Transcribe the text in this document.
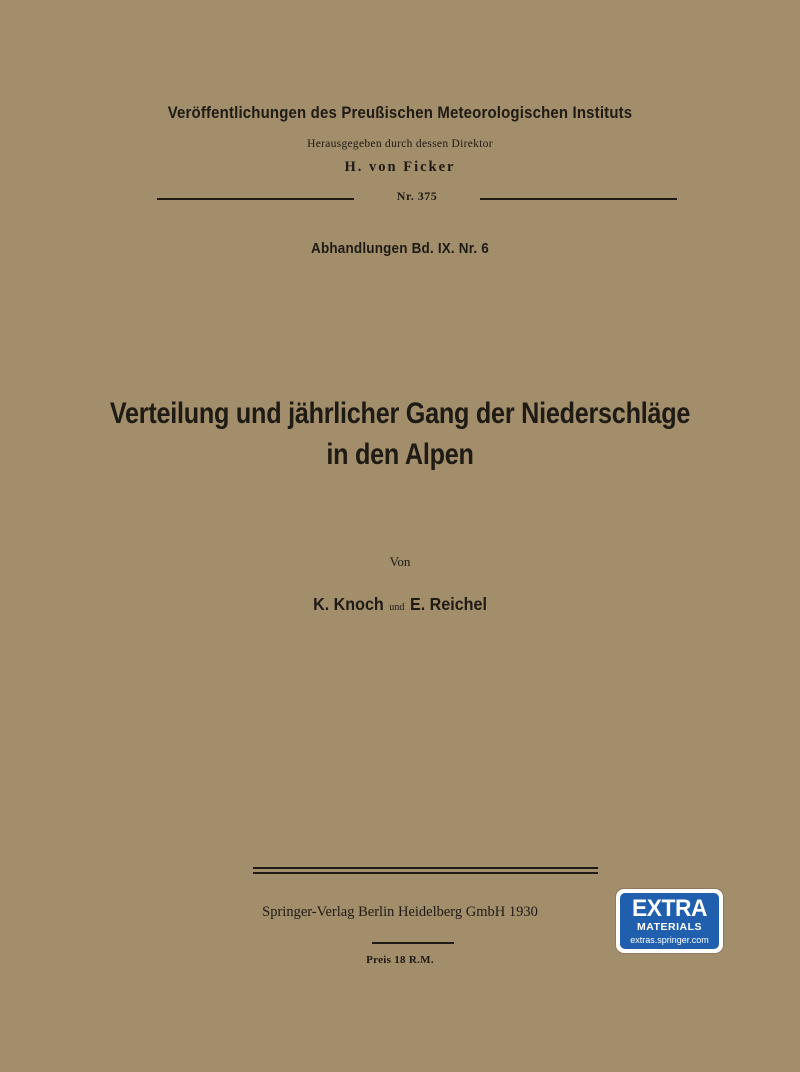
Veröffentlichungen des Preußischen Meteorologischen Instituts
Herausgegeben durch dessen Direktor
H. von Ficker
Nr. 375
Abhandlungen Bd. IX. Nr. 6
Verteilung und jährlicher Gang der Niederschläge
in den Alpen
Von
K. Knoch und E. Reichel
Springer-Verlag Berlin Heidelberg GmbH 1930
Preis 18 R.M.
EXTRA
MATERIALS
extras.springer.com
